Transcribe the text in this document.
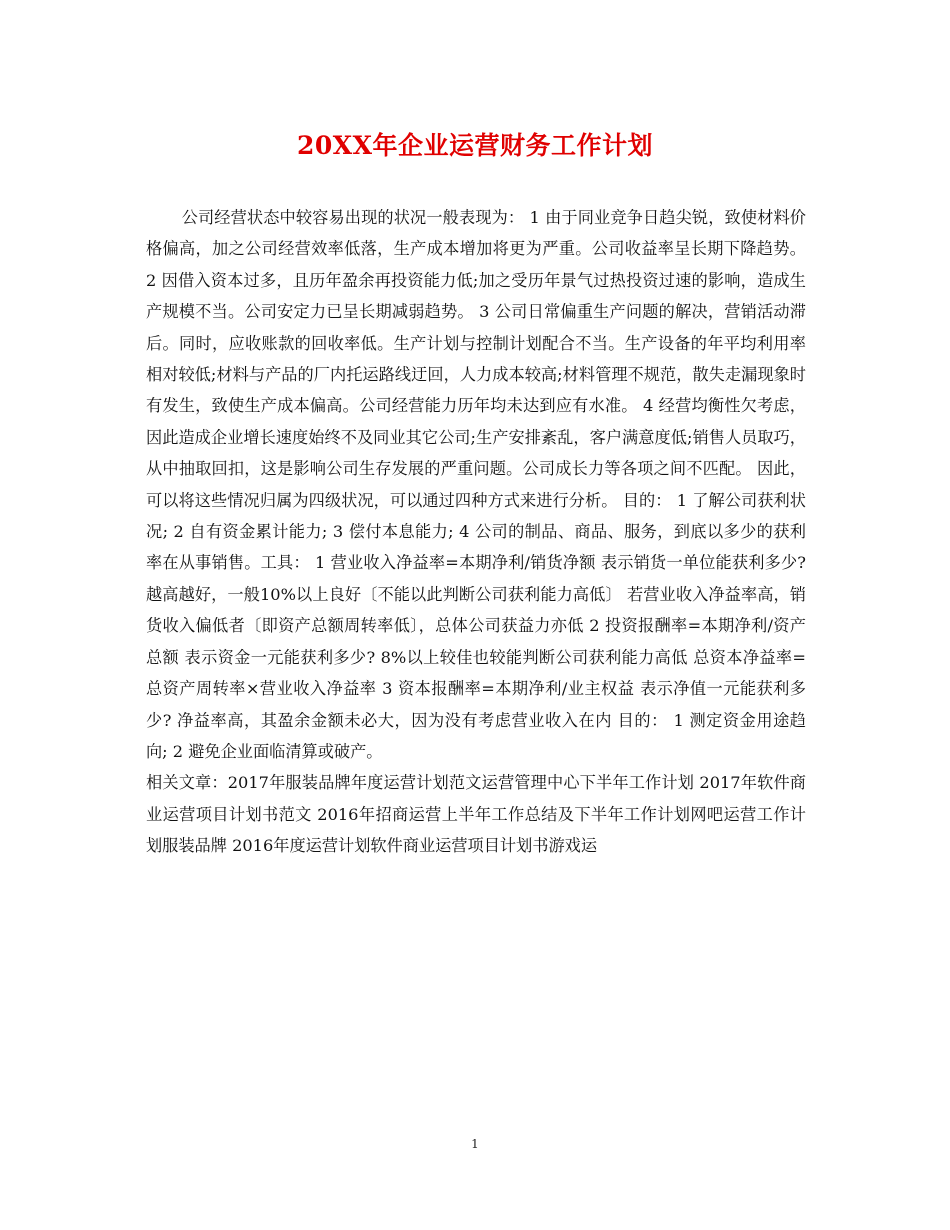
20XX年企业运营财务工作计划

公司经营状态中较容易出现的状况一般表现为： 1 由于同业竞争日趋尖锐，致使材料价格偏高，加之公司经营效率低落，生产成本增加将更为严重。公司收益率呈长期下降趋势。 2 因借入资本过多，且历年盈余再投资能力低;加之受历年景气过热投资过速的影响，造成生产规模不当。公司安定力已呈长期减弱趋势。 3 公司日常偏重生产问题的解决，营销活动滞后。同时，应收账款的回收率低。生产计划与控制计划配合不当。生产设备的年平均利用率相对较低;材料与产品的厂内托运路线迂回，人力成本较高;材料管理不规范，散失走漏现象时有发生，致使生产成本偏高。公司经营能力历年均未达到应有水准。 4 经营均衡性欠考虑，因此造成企业增长速度始终不及同业其它公司;生产安排紊乱，客户满意度低;销售人员取巧，从中抽取回扣，这是影响公司生存发展的严重问题。公司成长力等各项之间不匹配。 因此，可以将这些情况归属为四级状况，可以通过四种方式来进行分析。 目的： 1 了解公司获利状况; 2 自有资金累计能力; 3 偿付本息能力; 4 公司的制品、商品、服务，到底以多少的获利率在从事销售。工具： 1 营业收入净益率=本期净利/销货净额 表示销货一单位能获利多少?越高越好，一般10%以上良好〔不能以此判断公司获利能力高低〕 若营业收入净益率高，销货收入偏低者〔即资产总额周转率低〕，总体公司获益力亦低 2 投资报酬率=本期净利/资产总额 表示资金一元能获利多少? 8%以上较佳也较能判断公司获利能力高低 总资本净益率=总资产周转率×营业收入净益率 3 资本报酬率=本期净利/业主权益 表示净值一元能获利多少? 净益率高，其盈余金额未必大，因为没有考虑营业收入在内 目的： 1 测定资金用途趋向; 2 避免企业面临清算或破产。

相关文章：2017年服装品牌年度运营计划范文运营管理中心下半年工作计划 2017年软件商业运营项目计划书范文 2016年招商运营上半年工作总结及下半年工作计划网吧运营工作计划服装品牌 2016年度运营计划软件商业运营项目计划书游戏运

1
